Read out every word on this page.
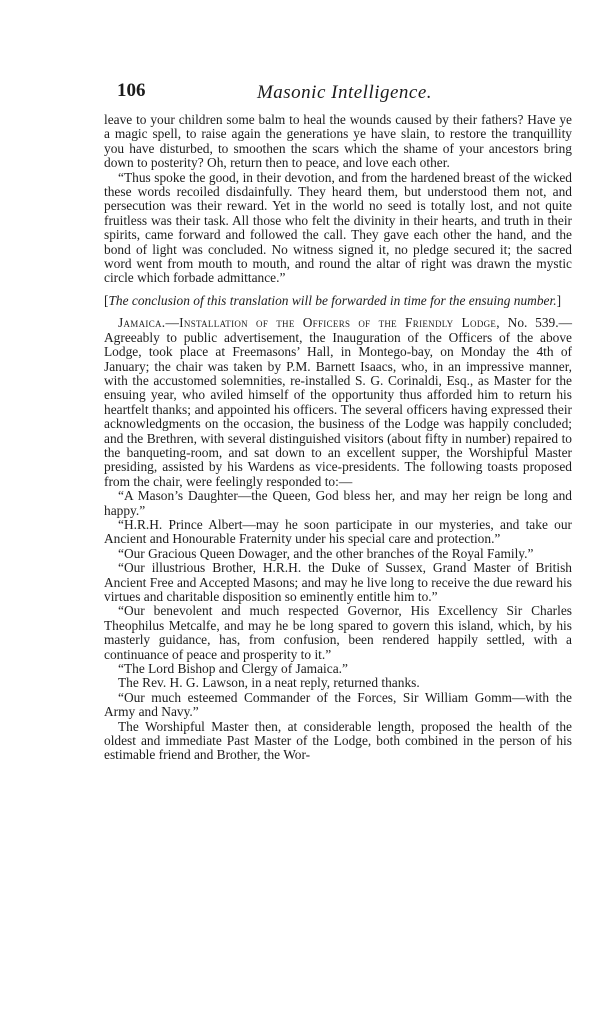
106	Masonic Intelligence.

leave to your children some balm to heal the wounds caused by their fathers? Have ye a magic spell, to raise again the generations ye have slain, to restore the tranquillity you have disturbed, to smoothen the scars which the shame of your ancestors bring down to posterity? Oh, return then to peace, and love each other.

“Thus spoke the good, in their devotion, and from the hardened breast of the wicked these words recoiled disdainfully. They heard them, but understood them not, and persecution was their reward. Yet in the world no seed is totally lost, and not quite fruitless was their task. All those who felt the divinity in their hearts, and truth in their spirits, came forward and followed the call. They gave each other the hand, and the bond of light was concluded. No witness signed it, no pledge secured it; the sacred word went from mouth to mouth, and round the altar of right was drawn the mystic circle which forbade admittance.”

[The conclusion of this translation will be forwarded in time for the ensuing number.]

Jamaica.—Installation of the Officers of the Friendly Lodge, No. 539.—Agreeably to public advertisement, the Inauguration of the Officers of the above Lodge, took place at Freemasons’ Hall, in Montego-bay, on Monday the 4th of January; the chair was taken by P.M. Barnett Isaacs, who, in an impressive manner, with the accustomed solemnities, re-installed S. G. Corinaldi, Esq., as Master for the ensuing year, who aviled himself of the opportunity thus afforded him to return his heartfelt thanks; and appointed his officers. The several officers having expressed their acknowledgments on the occasion, the business of the Lodge was happily concluded; and the Brethren, with several distinguished visitors (about fifty in number) repaired to the banqueting-room, and sat down to an excellent supper, the Worshipful Master presiding, assisted by his Wardens as vice-presidents. The following toasts proposed from the chair, were feelingly responded to:—

“A Mason’s Daughter—the Queen, God bless her, and may her reign be long and happy.”

“H.R.H. Prince Albert—may he soon participate in our mysteries, and take our Ancient and Honourable Fraternity under his special care and protection.”

“Our Gracious Queen Dowager, and the other branches of the Royal Family.”

“Our illustrious Brother, H.R.H. the Duke of Sussex, Grand Master of British Ancient Free and Accepted Masons; and may he live long to receive the due reward his virtues and charitable disposition so eminently entitle him to.”

“Our benevolent and much respected Governor, His Excellency Sir Charles Theophilus Metcalfe, and may he be long spared to govern this island, which, by his masterly guidance, has, from confusion, been rendered happily settled, with a continuance of peace and prosperity to it.”

“The Lord Bishop and Clergy of Jamaica.”

The Rev. H. G. Lawson, in a neat reply, returned thanks.

“Our much esteemed Commander of the Forces, Sir William Gomm—with the Army and Navy.”

The Worshipful Master then, at considerable length, proposed the health of the oldest and immediate Past Master of the Lodge, both combined in the person of his estimable friend and Brother, the Wor-
